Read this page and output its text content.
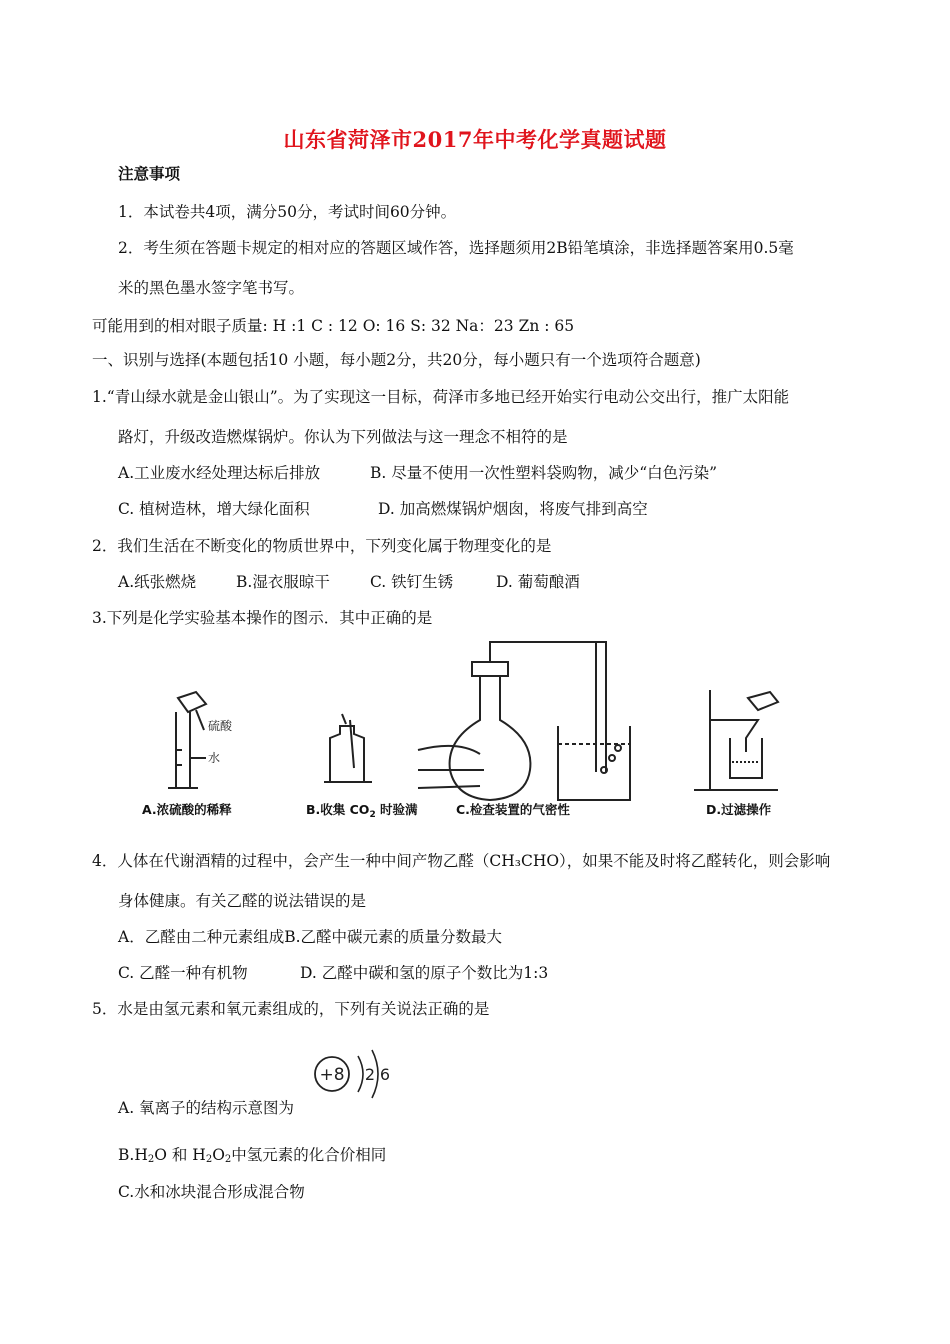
山东省菏泽市2017年中考化学真题试题
注意事项
1．本试卷共4项，满分50分，考试时间60分钟。
2．考生须在答题卡规定的相对应的答题区域作答，选择题须用2B铅笔填涂，非选择题答案用0.5毫
米的黑色墨水签字笔书写。
可能用到的相对眼子质量: H :1 C : 12 O: 16 S: 32 Na：23 Zn : 65
一、识别与选择(本题包括10 小题，每小题2分，共20分，每小题只有一个选项符合题意)
1.“青山绿水就是金山银山”。为了实现这一目标，荷泽市多地已经开始实行电动公交出行，推广太阳能
路灯，升级改造燃煤锅炉。你认为下列做法与这一理念不相符的是
A.工业废水经处理达标后排放	B. 尽量不使用一次性塑料袋购物，减少“白色污染”
C. 植树造林，增大绿化面积	D. 加高燃煤锅炉烟囱，将废气排到高空
2．我们生活在不断变化的物质世界中，下列变化属于物理变化的是
A.纸张燃烧	B.湿衣服晾干	C. 铁钉生锈	D. 葡萄酿酒
3.下列是化学实验基本操作的图示．其中正确的是
硫酸
水
A.浓硫酸的稀释	B.收集 $CO_2$ 时验满	C.检查装置的气密性	D.过滤操作
4．人体在代谢酒精的过程中，会产生一种中间产物乙醛（CH₃CHO），如果不能及时将乙醛转化，则会影响
身体健康。有关乙醛的说法错误的是
A．乙醛由二种元素组成B.乙醛中碳元素的质量分数最大
C. 乙醛一种有机物	D. 乙醛中碳和氢的原子个数比为1:3
5．水是由氢元素和氧元素组成的，下列有关说法正确的是
+8 2 6
A. 氧离子的结构示意图为
$B.H_2O$ 和 $H_2O_2$中氢元素的化合价相同
C.水和冰块混合形成混合物
